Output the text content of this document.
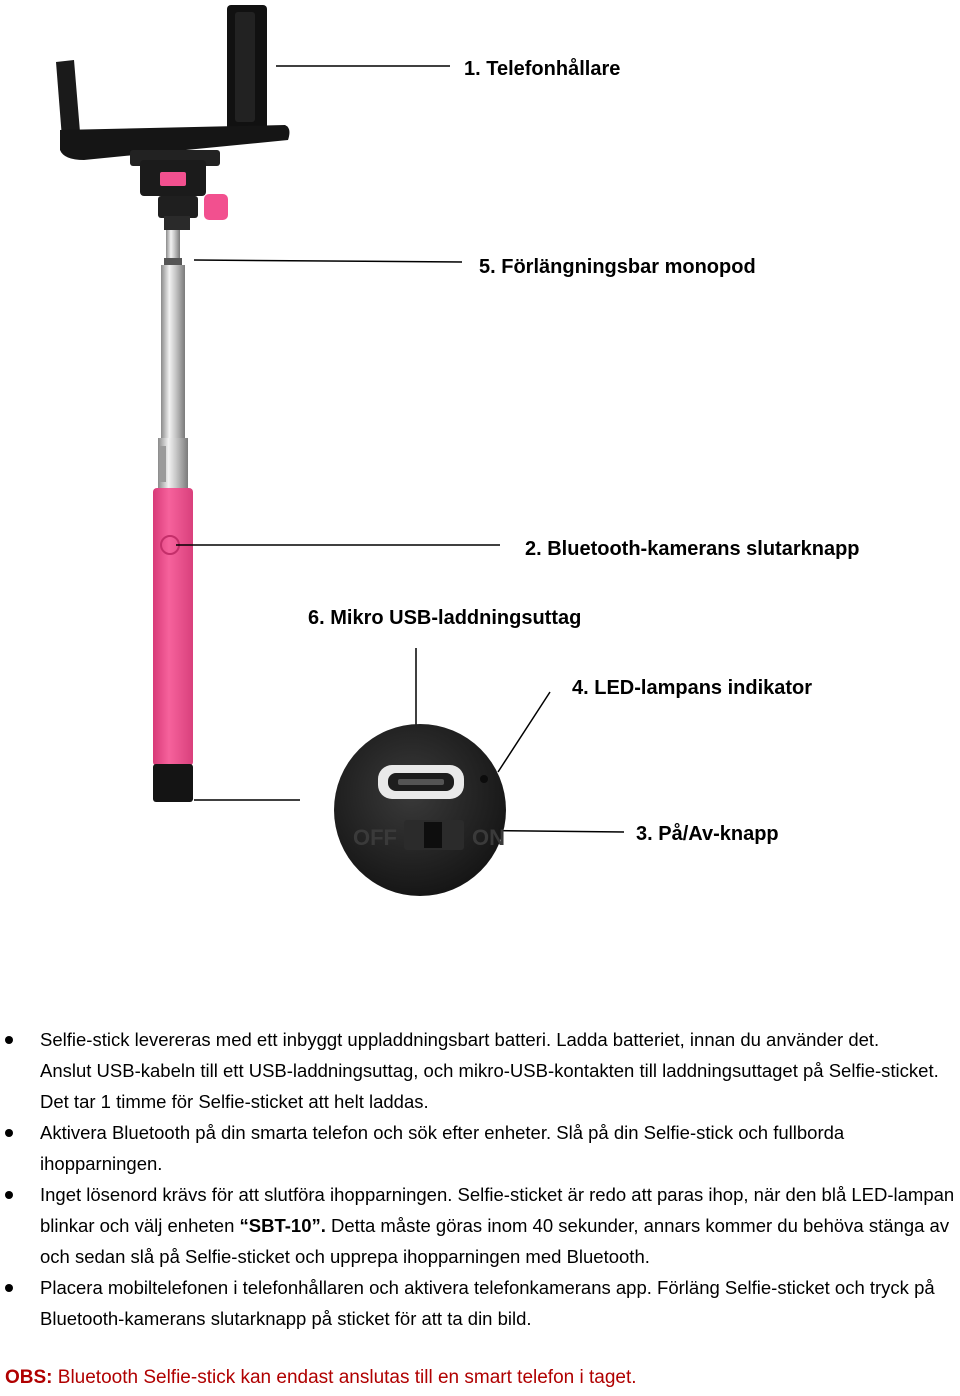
OFF	ON
1. Telefonhållare
5. Förlängningsbar monopod
2. Bluetooth-kamerans slutarknapp
6. Mikro USB-laddningsuttag
4. LED-lampans indikator
3. På/Av-knapp

Selfie-stick levereras med ett inbyggt uppladdningsbart batteri. Ladda batteriet, innan du använder det.

Anslut USB-kabeln till ett USB-laddningsuttag, och mikro-USB-kontakten till laddningsuttaget på Selfie-sticket. Det tar 1 timme för Selfie-sticket att helt laddas.

Aktivera Bluetooth på din smarta telefon och sök efter enheter. Slå på din Selfie-stick och fullborda ihopparningen.

Inget lösenord krävs för att slutföra ihopparningen. Selfie-sticket är redo att paras ihop, när den blå LED-lampan blinkar och välj enheten “SBT-10”. Detta måste göras inom 40 sekunder, annars kommer du behöva stänga av och sedan slå på Selfie-sticket och upprepa ihopparningen med Bluetooth.

Placera mobiltelefonen i telefonhållaren och aktivera telefonkamerans app. Förläng Selfie-sticket och tryck på Bluetooth-kamerans slutarknapp på sticket för att ta din bild.

OBS: Bluetooth Selfie-stick kan endast anslutas till en smart telefon i taget.
